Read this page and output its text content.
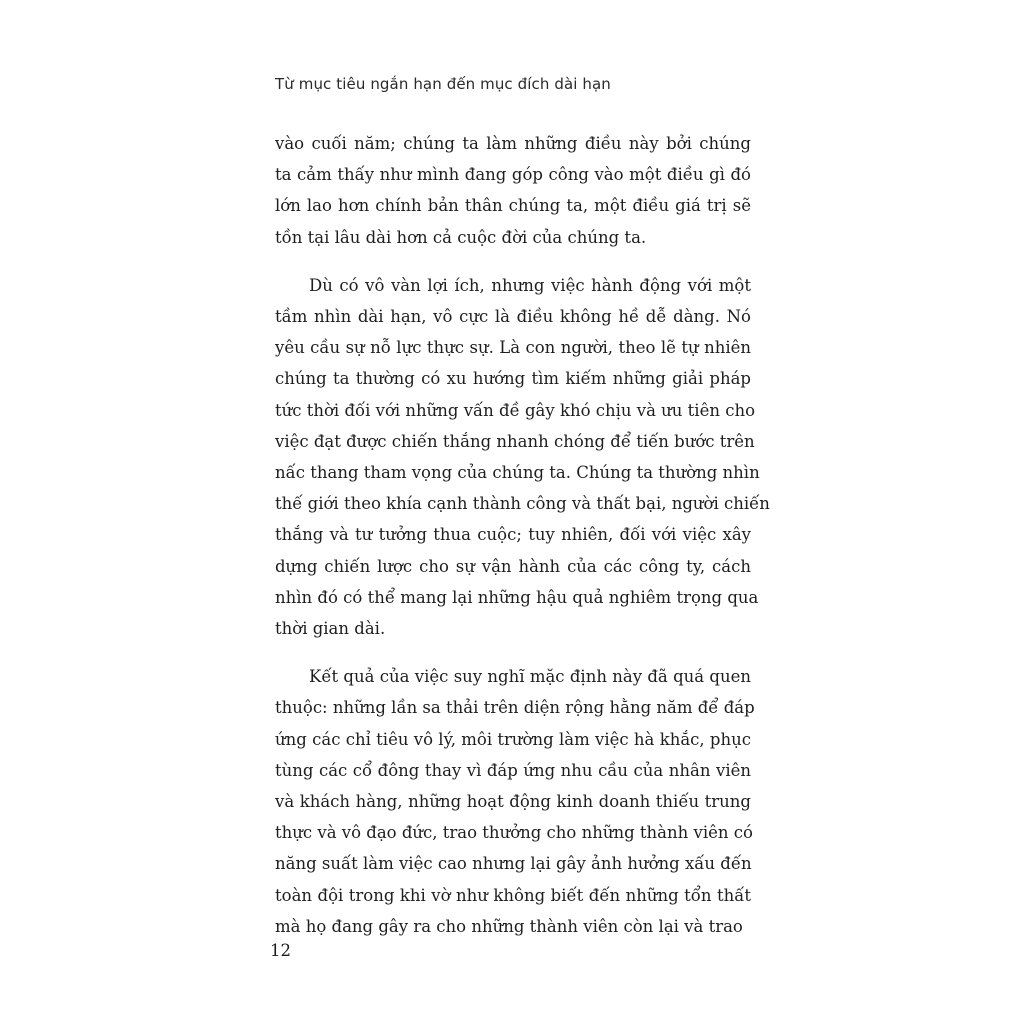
Từ mục tiêu ngắn hạn đến mục đích dài hạn
vào cuối năm; chúng ta làm những điều này bởi chúng
ta cảm thấy như mình đang góp công vào một điều gì đó
lớn lao hơn chính bản thân chúng ta, một điều giá trị sẽ
tồn tại lâu dài hơn cả cuộc đời của chúng ta.
Dù có vô vàn lợi ích, nhưng việc hành động với một
tầm nhìn dài hạn, vô cực là điều không hề dễ dàng. Nó
yêu cầu sự nỗ lực thực sự. Là con người, theo lẽ tự nhiên
chúng ta thường có xu hướng tìm kiếm những giải pháp
tức thời đối với những vấn đề gây khó chịu và ưu tiên cho
việc đạt được chiến thắng nhanh chóng để tiến bước trên
nấc thang tham vọng của chúng ta. Chúng ta thường nhìn
thế giới theo khía cạnh thành công và thất bại, người chiến
thắng và tư tưởng thua cuộc; tuy nhiên, đối với việc xây
dựng chiến lược cho sự vận hành của các công ty, cách
nhìn đó có thể mang lại những hậu quả nghiêm trọng qua
thời gian dài.
Kết quả của việc suy nghĩ mặc định này đã quá quen
thuộc: những lần sa thải trên diện rộng hằng năm để đáp
ứng các chỉ tiêu vô lý, môi trường làm việc hà khắc, phục
tùng các cổ đông thay vì đáp ứng nhu cầu của nhân viên
và khách hàng, những hoạt động kinh doanh thiếu trung
thực và vô đạo đức, trao thưởng cho những thành viên có
năng suất làm việc cao nhưng lại gây ảnh hưởng xấu đến
toàn đội trong khi vờ như không biết đến những tổn thất
mà họ đang gây ra cho những thành viên còn lại và trao
12
